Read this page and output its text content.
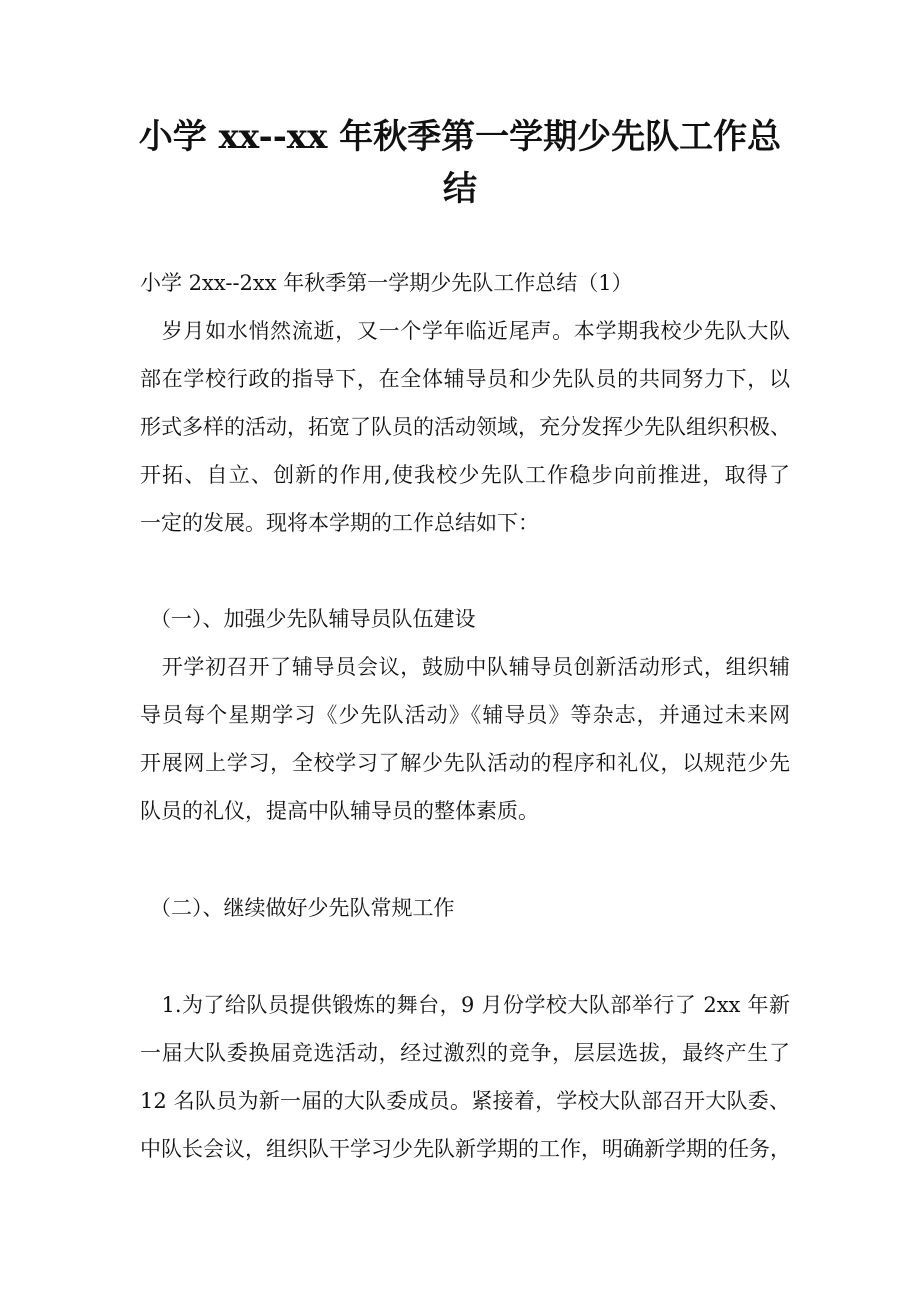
小学 xx--xx 年秋季第一学期少先队工作总
结
小学 2xx--2xx 年秋季第一学期少先队工作总结（1）
　岁月如水悄然流逝，又一个学年临近尾声。本学期我校少先队大队
部在学校行政的指导下，在全体辅导员和少先队员的共同努力下，以
形式多样的活动，拓宽了队员的活动领域，充分发挥少先队组织积极、
开拓、自立、创新的作用,使我校少先队工作稳步向前推进，取得了
一定的发展。现将本学期的工作总结如下：
（一）、加强少先队辅导员队伍建设
　开学初召开了辅导员会议，鼓励中队辅导员创新活动形式，组织辅
导员每个星期学习《少先队活动》《辅导员》等杂志，并通过未来网
开展网上学习，全校学习了解少先队活动的程序和礼仪，以规范少先
队员的礼仪，提高中队辅导员的整体素质。
（二）、继续做好少先队常规工作
　1.为了给队员提供锻炼的舞台，9 月份学校大队部举行了 2xx 年新
一届大队委换届竞选活动，经过激烈的竞争，层层选拔，最终产生了
12 名队员为新一届的大队委成员。紧接着，学校大队部召开大队委、
中队长会议，组织队干学习少先队新学期的工作，明确新学期的任务，
